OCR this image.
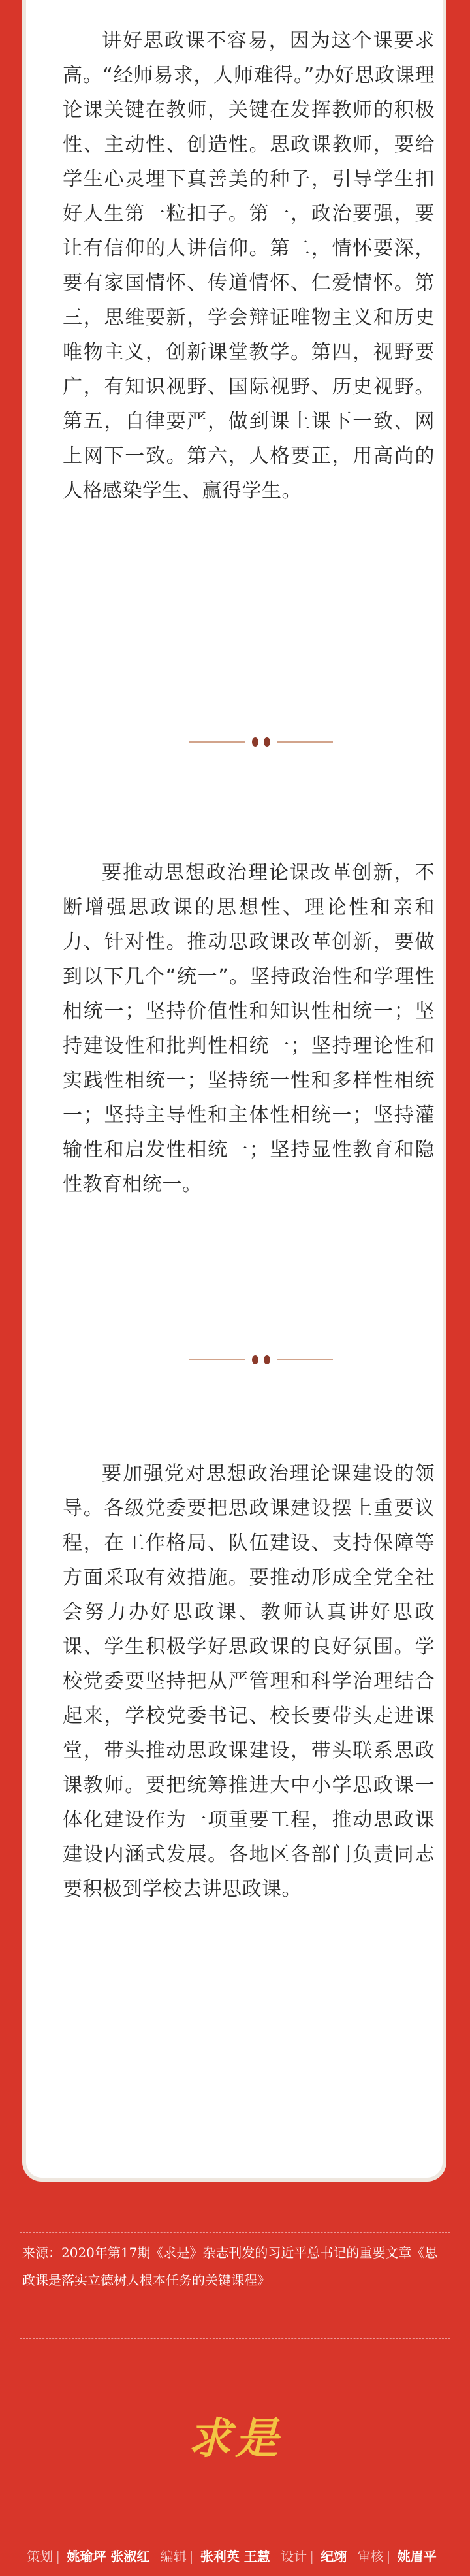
讲好思政课不容易，因为这个课要求高。“经师易求，人师难得。”办好思政课理论课关键在教师，关键在发挥教师的积极性、主动性、创造性。思政课教师，要给学生心灵埋下真善美的种子，引导学生扣好人生第一粒扣子。第一，政治要强，要让有信仰的人讲信仰。第二，情怀要深，要有家国情怀、传道情怀、仁爱情怀。第三，思维要新，学会辩证唯物主义和历史唯物主义，创新课堂教学。第四，视野要广，有知识视野、国际视野、历史视野。第五，自律要严，做到课上课下一致、网上网下一致。第六，人格要正，用高尚的人格感染学生、赢得学生。

要推动思想政治理论课改革创新，不断增强思政课的思想性、理论性和亲和力、针对性。推动思政课改革创新，要做到以下几个“统一”。坚持政治性和学理性相统一；坚持价值性和知识性相统一；坚持建设性和批判性相统一；坚持理论性和实践性相统一；坚持统一性和多样性相统一；坚持主导性和主体性相统一；坚持灌输性和启发性相统一；坚持显性教育和隐性教育相统一。

要加强党对思想政治理论课建设的领导。各级党委要把思政课建设摆上重要议程，在工作格局、队伍建设、支持保障等方面采取有效措施。要推动形成全党全社会努力办好思政课、教师认真讲好思政课、学生积极学好思政课的良好氛围。学校党委要坚持把从严管理和科学治理结合起来，学校党委书记、校长要带头走进课堂，带头推动思政课建设，带头联系思政课教师。要把统筹推进大中小学思政课一体化建设作为一项重要工程，推动思政课建设内涵式发展。各地区各部门负责同志要积极到学校去讲思政课。

来源：2020年第17期《求是》杂志刊发的习近平总书记的重要文章《思政课是落实立德树人根本任务的关键课程》

求是
策划 | 姚瑜坪 张淑红 编辑 | 张利英 王慧 设计 | 纪翊 审核 | 姚眉平
